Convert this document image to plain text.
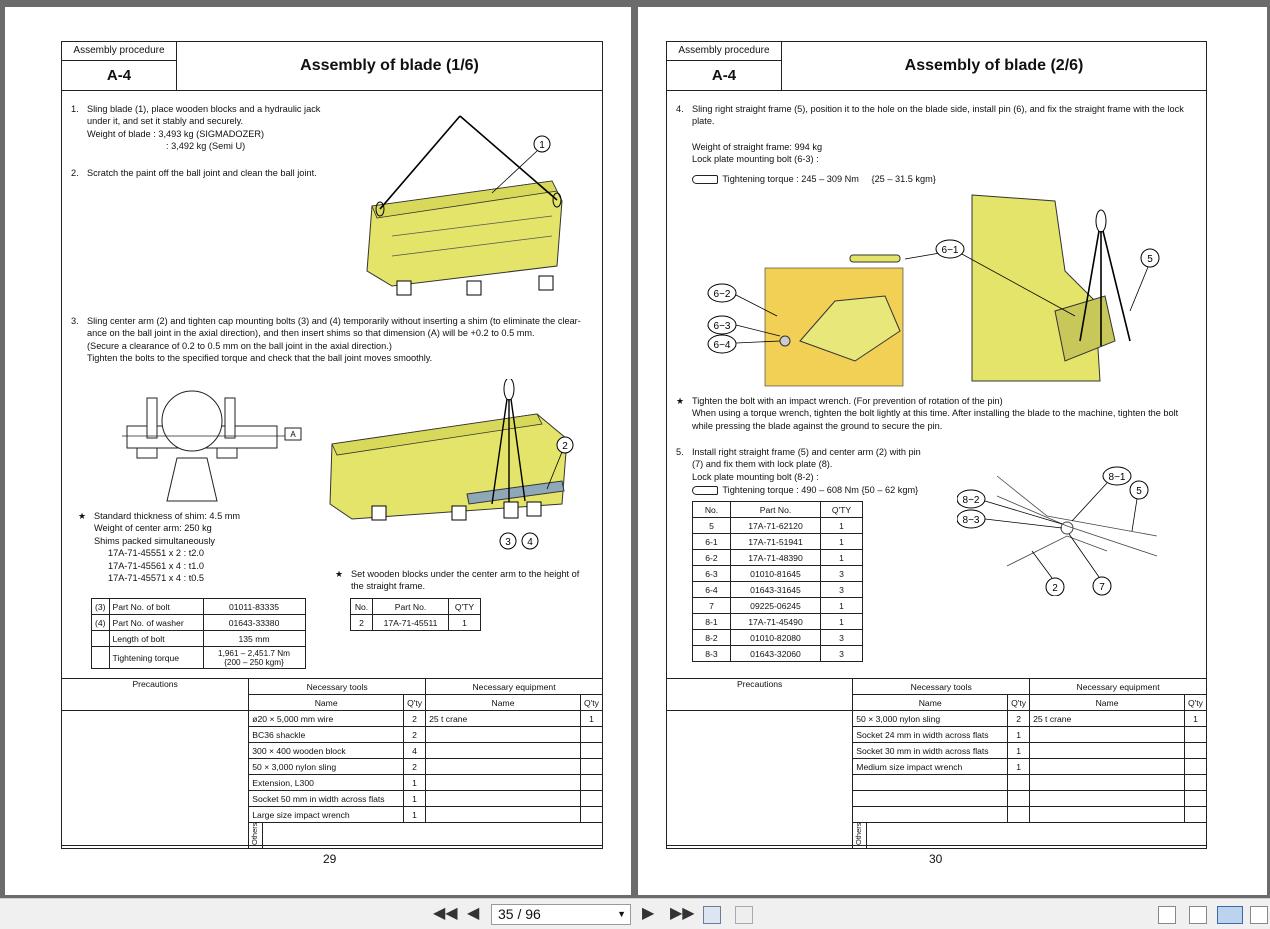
Assembly procedure
A-4
Assembly of blade (1/6)
1. Sling blade (1), place wooden blocks and a hydraulic jack
under it, and set it stably and securely.
Weight of blade : 3,493 kg (SIGMADOZER)
: 3,492 kg (Semi U)
2. Scratch the paint off the ball joint and clean the ball joint.
1
3. Sling center arm (2) and tighten cap mounting bolts (3) and (4) temporarily without inserting a shim (to eliminate the clear-
ance on the ball joint in the axial direction), and then insert shims so that dimension (A) will be +0.2 to 0.5 mm.
(Secure a clearance of 0.2 to 0.5 mm on the ball joint in the axial direction.)
Tighten the bolts to the specified torque and check that the ball joint moves smoothly.
A
2
3 4
★ Standard thickness of shim: 4.5 mm
Weight of center arm: 250 kg
Shims packed simultaneously
17A-71-45551 x 2 : t2.0
17A-71-45561 x 4 : t1.0
17A-71-45571 x 4 : t0.5	★ Set wooden blocks under the center arm to the height of
the straight frame.
(3)	Part No. of bolt	01011-83335
(4)	Part No. of washer	01643-33380
	Length of bolt	135 mm
	Tightening torque	1,961 – 2,451.7 Nm
{200 – 250 kgm}
No.	Part No.	Q'TY
2	17A-71-45511	1
Precautions	Necessary tools		Necessary equipment	
	Name	Q'ty	Name	Q'ty
	ø20 × 5,000 mm wire	2	25 t crane	1
	BC36 shackle	2		
	300 × 400 wooden block	4		
	50 × 3,000 nylon sling	2		
	Extension, L300	1		
	Socket 50 mm in width across flats	1		
	Large size impact wrench	1		

	Others			
29
Assembly procedure
A-4
Assembly of blade (2/6)
4. Sling right straight frame (5), position it to the hole on the blade side, install pin (6), and fix the straight frame with the lock
plate.
Weight of straight frame: 994 kg
Lock plate mounting bolt (6-3) :
Tightening torque : 245 – 309 Nm {25 – 31.5 kgm}
6−1
5
6−2
6−3
6−4
★ Tighten the bolt with an impact wrench. (For prevention of rotation of the pin)
When using a torque wrench, tighten the bolt lightly at this time. After installing the blade to the machine, tighten the bolt
while pressing the blade against the ground to secure the pin.
5. Install right straight frame (5) and center arm (2) with pin
(7) and fix them with lock plate (8).
Lock plate mounting bolt (8-2) :
Tightening torque : 490 – 608 Nm {50 – 62 kgm}
No.	Part No.	Q'TY
5	17A-71-62120	1
6-1	17A-71-51941	1
6-2	17A-71-48390	1
6-3	01010-81645	3
6-4	01643-31645	3
7	09225-06245	1
8-1	17A-71-45490	1
8-2	01010-82080	3
8-3	01643-32060	3
8−1
5
8−2
8−3
2	7
Precautions	Necessary tools		Necessary equipment	
	Name	Q'ty	Name	Q'ty
	50 × 3,000 nylon sling	2	25 t crane	1
	Socket 24 mm in width across flats	1		
	Socket 30 mm in width across flats	1		
	Medium size impact wrench	1		

	Others			
30
◀◀ ◀	35 / 96	▼ ▶ ▶▶
